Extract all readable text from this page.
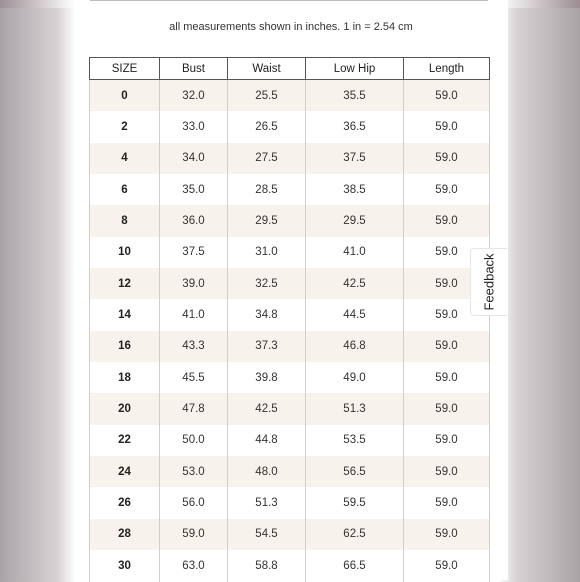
all measurements shown in inches. 1 in = 2.54 cm
SIZE	Bust	Waist	Low Hip	Length
0	32.0	25.5	35.5	59.0
2	33.0	26.5	36.5	59.0
4	34.0	27.5	37.5	59.0
6	35.0	28.5	38.5	59.0
8	36.0	29.5	29.5	59.0
10	37.5	31.0	41.0	59.0
12	39.0	32.5	42.5	59.0
14	41.0	34.8	44.5	59.0
16	43.3	37.3	46.8	59.0
18	45.5	39.8	49.0	59.0
20	47.8	42.5	51.3	59.0
22	50.0	44.8	53.5	59.0
24	53.0	48.0	56.5	59.0
26	56.0	51.3	59.5	59.0
28	59.0	54.5	62.5	59.0
30	63.0	58.8	66.5	59.0
Feedback
